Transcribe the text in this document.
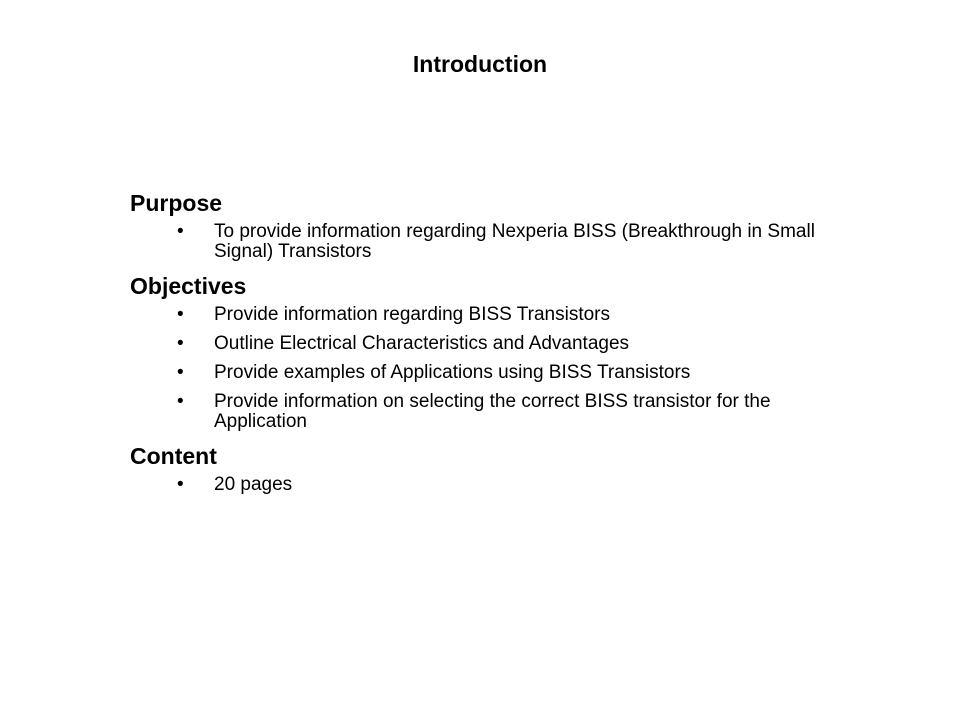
Introduction
Purpose
• To provide information regarding Nexperia BISS (Breakthrough in Small Signal) Transistors
Objectives
• Provide information regarding BISS Transistors
• Outline Electrical Characteristics and Advantages
• Provide examples of Applications using BISS Transistors
• Provide information on selecting the correct BISS transistor for the Application
Content
• 20 pages
